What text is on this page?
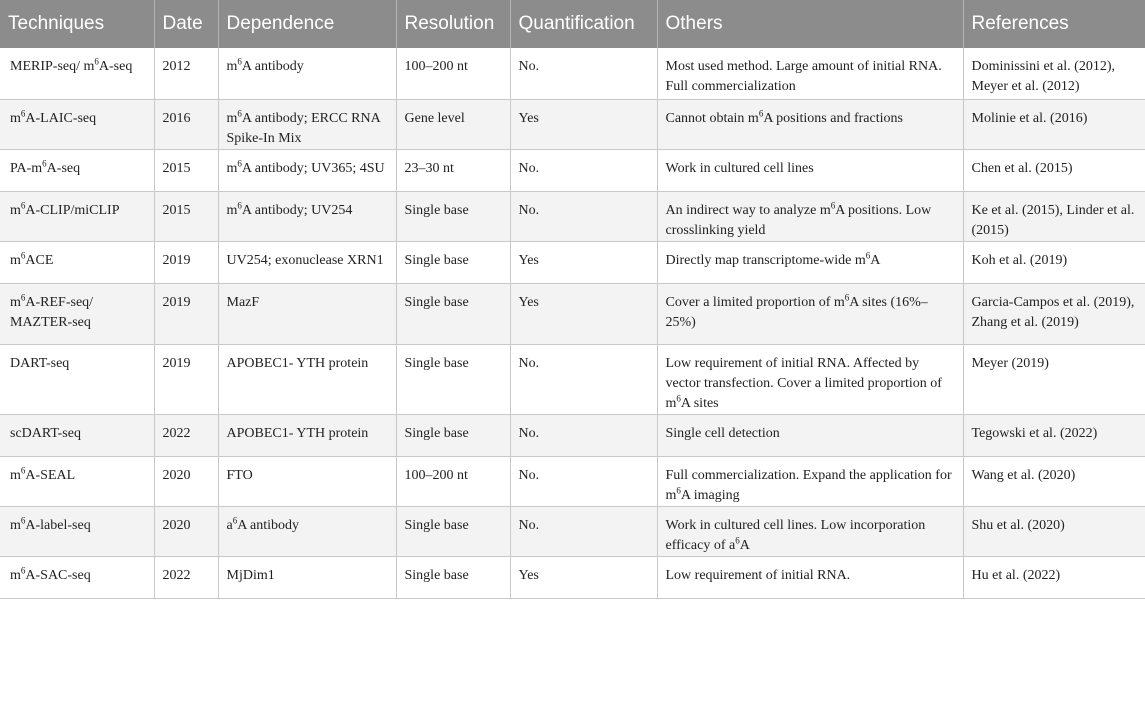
Techniques	Date	Dependence	Resolution	Quantification	Others	References
MERIP-seq/ $m^6A$-seq	2012	$m^6A$ antibody	100–200 nt	No.	Most used method. Large amount of initial RNA. Full commercialization	Dominissini et al. (2012), Meyer et al. (2012)
$m^6A-LAIC$-seq	2016	$m^6A$ antibody; ERCC RNA Spike-In Mix	Gene level	Yes	Cannot obtain $m^6A$ positions and fractions	Molinie et al. (2016)
$PA-m^6A$-seq	2015	$m^6A$ antibody; UV365; 4SU	23–30 nt	No.	Work in cultured cell lines	Chen et al. (2015)
$m^6A-CLIP$/miCLIP	2015	$m^6A$ antibody; UV254	Single base	No.	An indirect way to analyze $m^6A$ positions. Low crosslinking yield	Ke et al. (2015), Linder et al. (2015)
$m^6ACE$	2019	UV254; exonuclease XRN1	Single base	Yes	Directly map transcriptome-wide $m^6A$	Koh et al. (2019)
$m^6A-REF-seq/$ MAZTER-seq	2019	MazF	Single base	Yes	Cover a limited proportion of $m^6A$ sites (16%–25%)	Garcia-Campos et al. (2019), Zhang et al. (2019)
DART-seq	2019	APOBEC1- YTH protein	Single base	No.	Low requirement of initial RNA. Affected by vector transfection. Cover a limited proportion of $m^6A$ sites	Meyer (2019)
scDART-seq	2022	APOBEC1- YTH protein	Single base	No.	Single cell detection	Tegowski et al. (2022)
$m^6A$-SEAL	2020	FTO	100–200 nt	No.	Full commercialization. Expand the application for $m^6A$ imaging	Wang et al. (2020)
$m^6A-label$-seq	2020	$a^6A$ antibody	Single base	No.	Work in cultured cell lines. Low incorporation efficacy of $a^6A$	Shu et al. (2020)
$m^6A-SAC$-seq	2022	MjDim1	Single base	Yes	Low requirement of initial RNA.	Hu et al. (2022)
